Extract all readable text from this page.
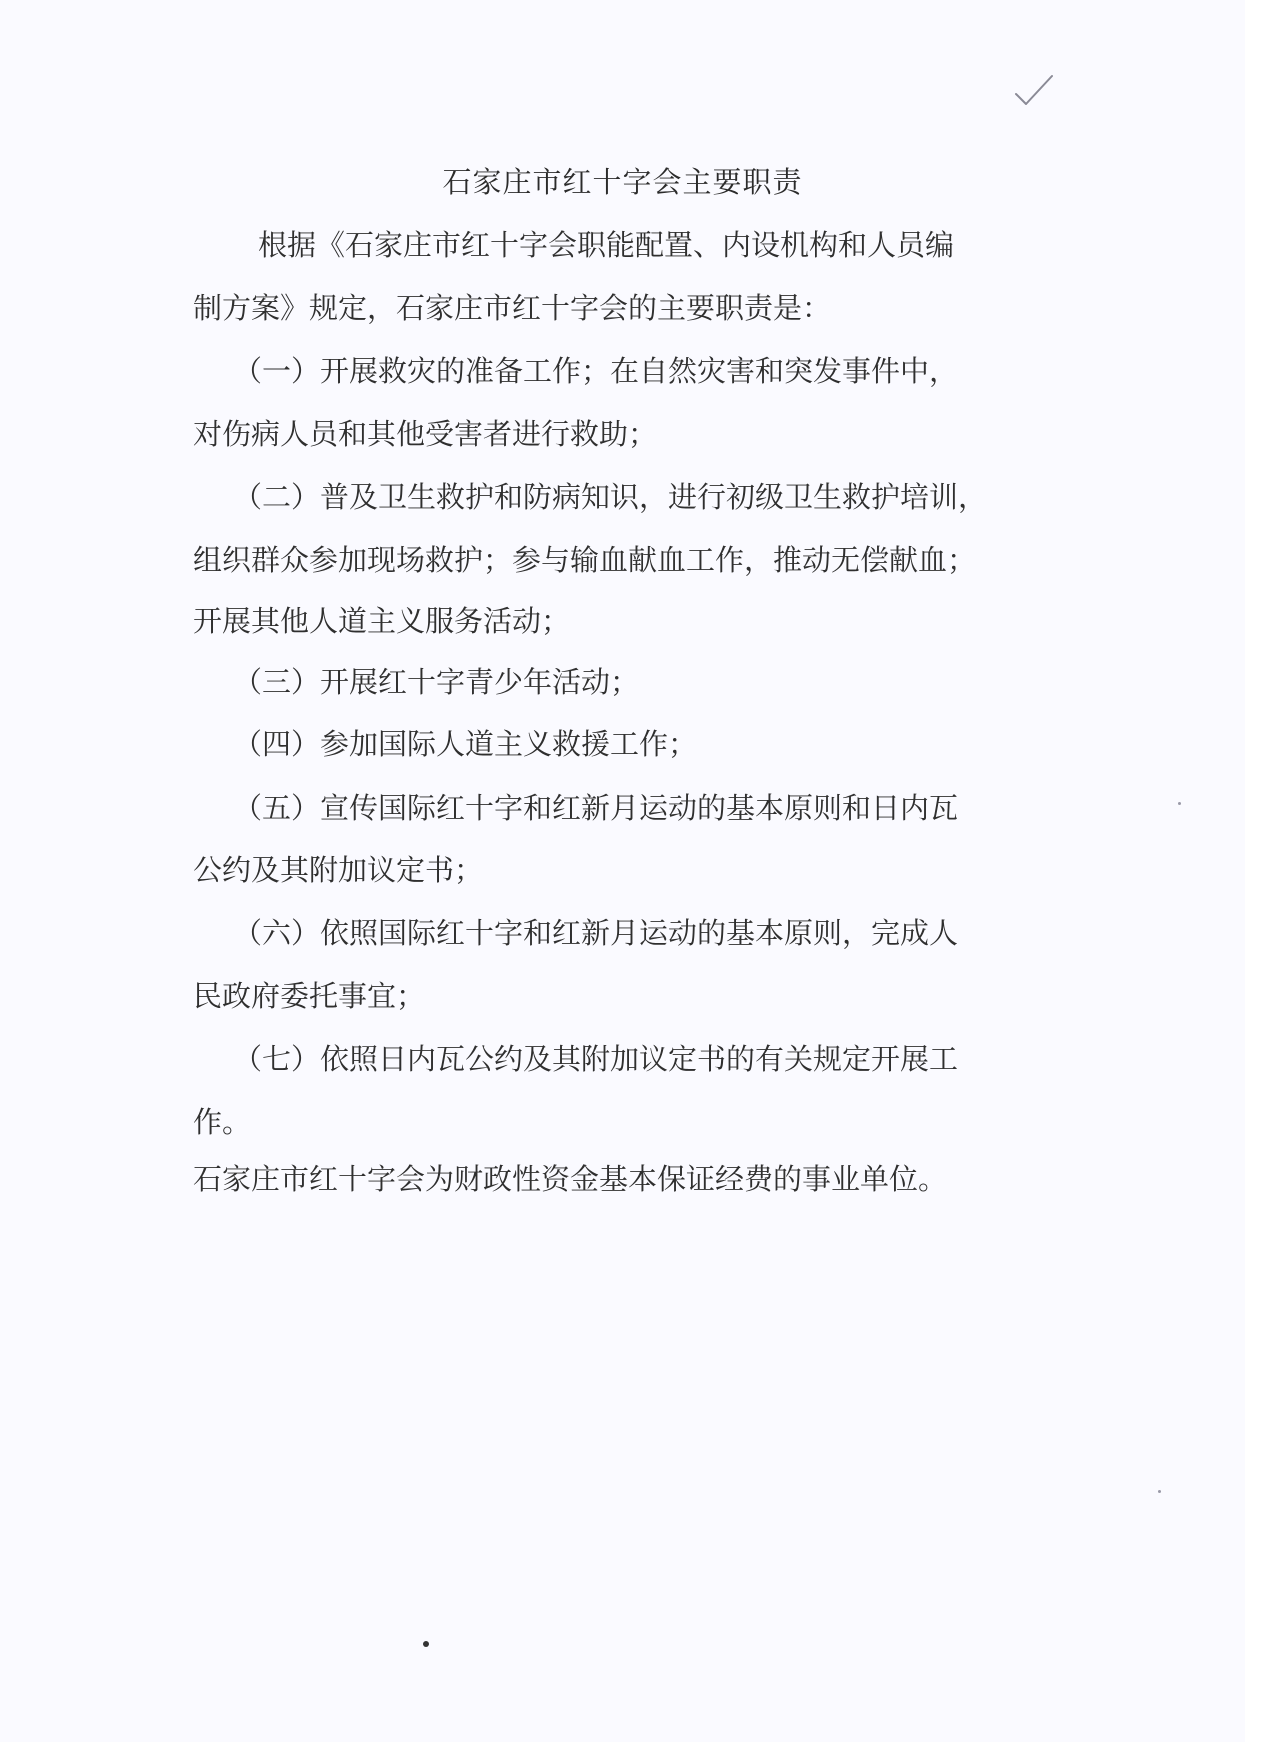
石家庄市红十字会主要职责
根据《石家庄市红十字会职能配置、内设机构和人员编
制方案》规定，石家庄市红十字会的主要职责是：
（一）开展救灾的准备工作；在自然灾害和突发事件中，
对伤病人员和其他受害者进行救助；
（二）普及卫生救护和防病知识，进行初级卫生救护培训，
组织群众参加现场救护；参与输血献血工作，推动无偿献血；
开展其他人道主义服务活动；
（三）开展红十字青少年活动；
（四）参加国际人道主义救援工作；
（五）宣传国际红十字和红新月运动的基本原则和日内瓦
公约及其附加议定书；
（六）依照国际红十字和红新月运动的基本原则，完成人
民政府委托事宜；
（七）依照日内瓦公约及其附加议定书的有关规定开展工
作。
石家庄市红十字会为财政性资金基本保证经费的事业单位。
